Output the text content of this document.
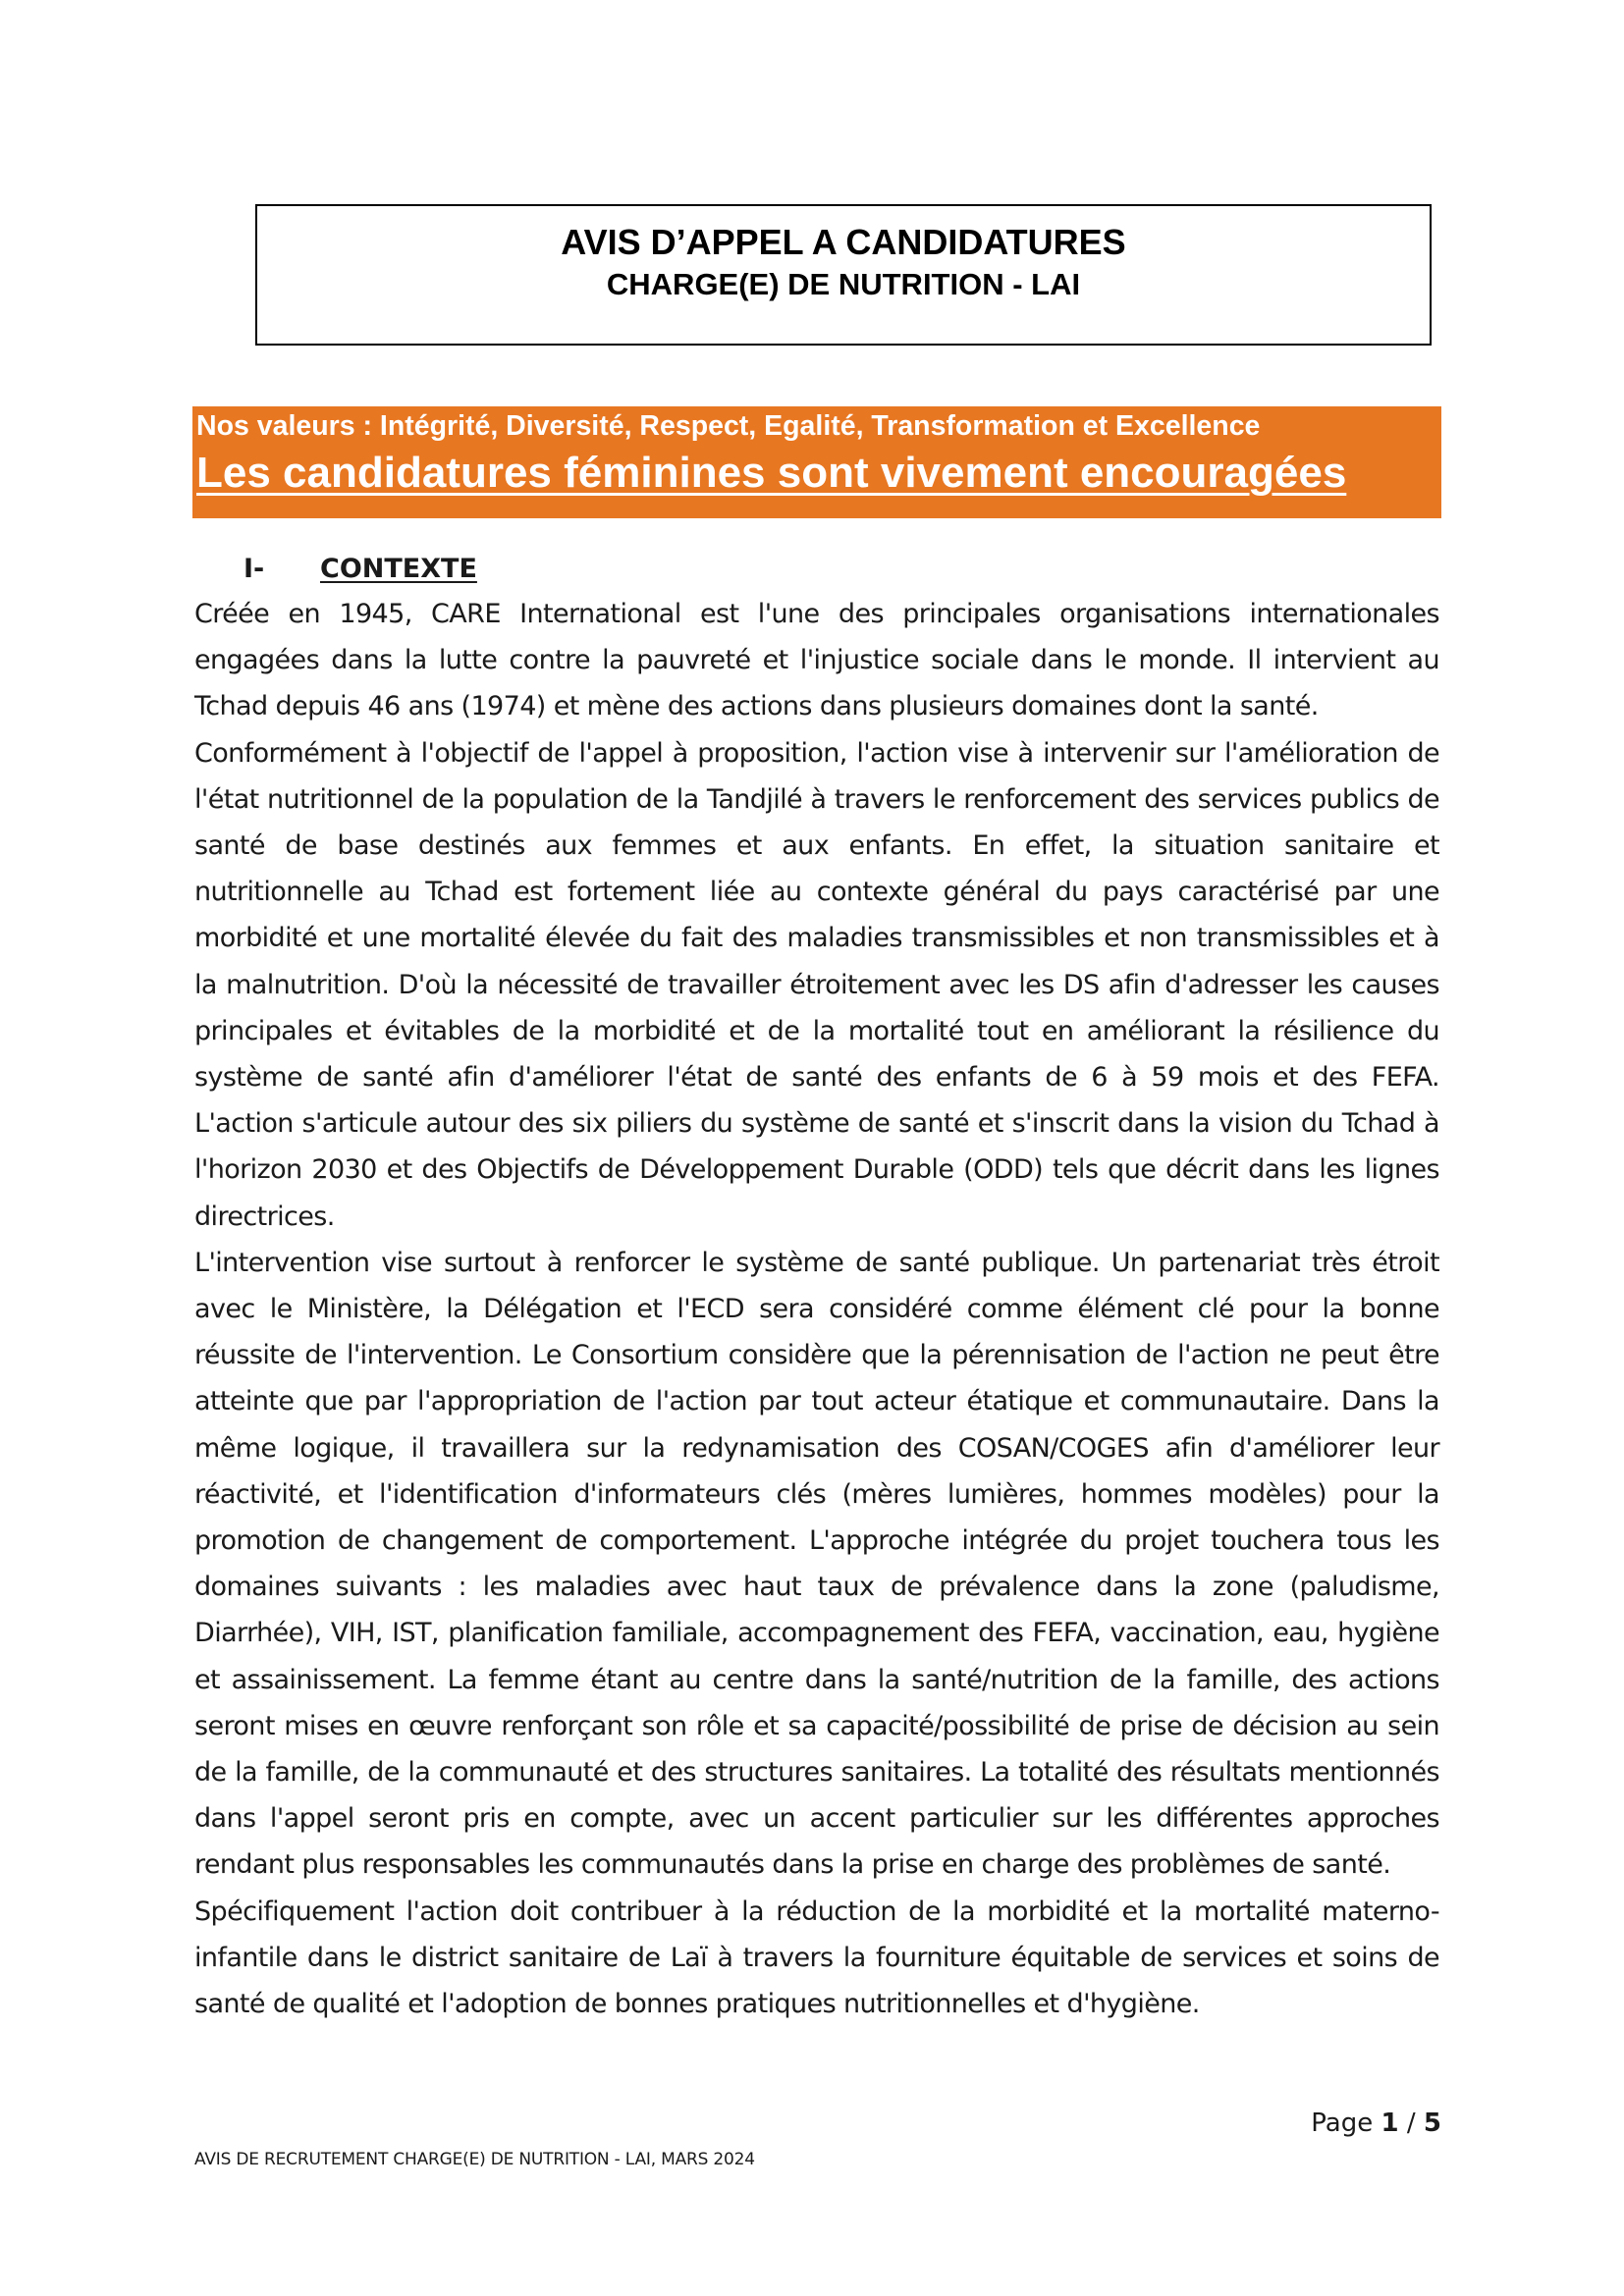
AVIS D’APPEL A CANDIDATURES
CHARGE(E) DE NUTRITION - LAI
Nos valeurs : Intégrité, Diversité, Respect, Egalité, Transformation et Excellence
Les candidatures féminines sont vivement encouragées
I- CONTEXTE

Créée en 1945, CARE International est l'une des principales organisations internationales engagées dans la lutte contre la pauvreté et l'injustice sociale dans le monde. Il intervient au Tchad depuis 46 ans (1974) et mène des actions dans plusieurs domaines dont la santé.

Conformément à l'objectif de l'appel à proposition, l'action vise à intervenir sur l'amélioration de l'état nutritionnel de la population de la Tandjilé à travers le renforcement des services publics de santé de base destinés aux femmes et aux enfants. En effet, la situation sanitaire et nutritionnelle au Tchad est fortement liée au contexte général du pays caractérisé par une morbidité et une mortalité élevée du fait des maladies transmissibles et non transmissibles et à la malnutrition. D'où la nécessité de travailler étroitement avec les DS afin d'adresser les causes principales et évitables de la morbidité et de la mortalité tout en améliorant la résilience du système de santé afin d'améliorer l'état de santé des enfants de 6 à 59 mois et des FEFA. L'action s'articule autour des six piliers du système de santé et s'inscrit dans la vision du Tchad à l'horizon 2030 et des Objectifs de Développement Durable (ODD) tels que décrit dans les lignes directrices.

L'intervention vise surtout à renforcer le système de santé publique. Un partenariat très étroit avec le Ministère, la Délégation et l'ECD sera considéré comme élément clé pour la bonne réussite de l'intervention. Le Consortium considère que la pérennisation de l'action ne peut être atteinte que par l'appropriation de l'action par tout acteur étatique et communautaire. Dans la même logique, il travaillera sur la redynamisation des COSAN/COGES afin d'améliorer leur réactivité, et l'identification d'informateurs clés (mères lumières, hommes modèles) pour la promotion de changement de comportement. L'approche intégrée du projet touchera tous les domaines suivants : les maladies avec haut taux de prévalence dans la zone (paludisme, Diarrhée), VIH, IST, planification familiale, accompagnement des FEFA, vaccination, eau, hygiène et assainissement. La femme étant au centre dans la santé/nutrition de la famille, des actions seront mises en œuvre renforçant son rôle et sa capacité/possibilité de prise de décision au sein de la famille, de la communauté et des structures sanitaires. La totalité des résultats mentionnés dans l'appel seront pris en compte, avec un accent particulier sur les différentes approches rendant plus responsables les communautés dans la prise en charge des problèmes de santé.

Spécifiquement l'action doit contribuer à la réduction de la morbidité et la mortalité materno-infantile dans le district sanitaire de Laï à travers la fourniture équitable de services et soins de santé de qualité et l'adoption de bonnes pratiques nutritionnelles et d'hygiène.

Page 1 / 5
AVIS DE RECRUTEMENT CHARGE(E) DE NUTRITION - LAI, MARS 2024
